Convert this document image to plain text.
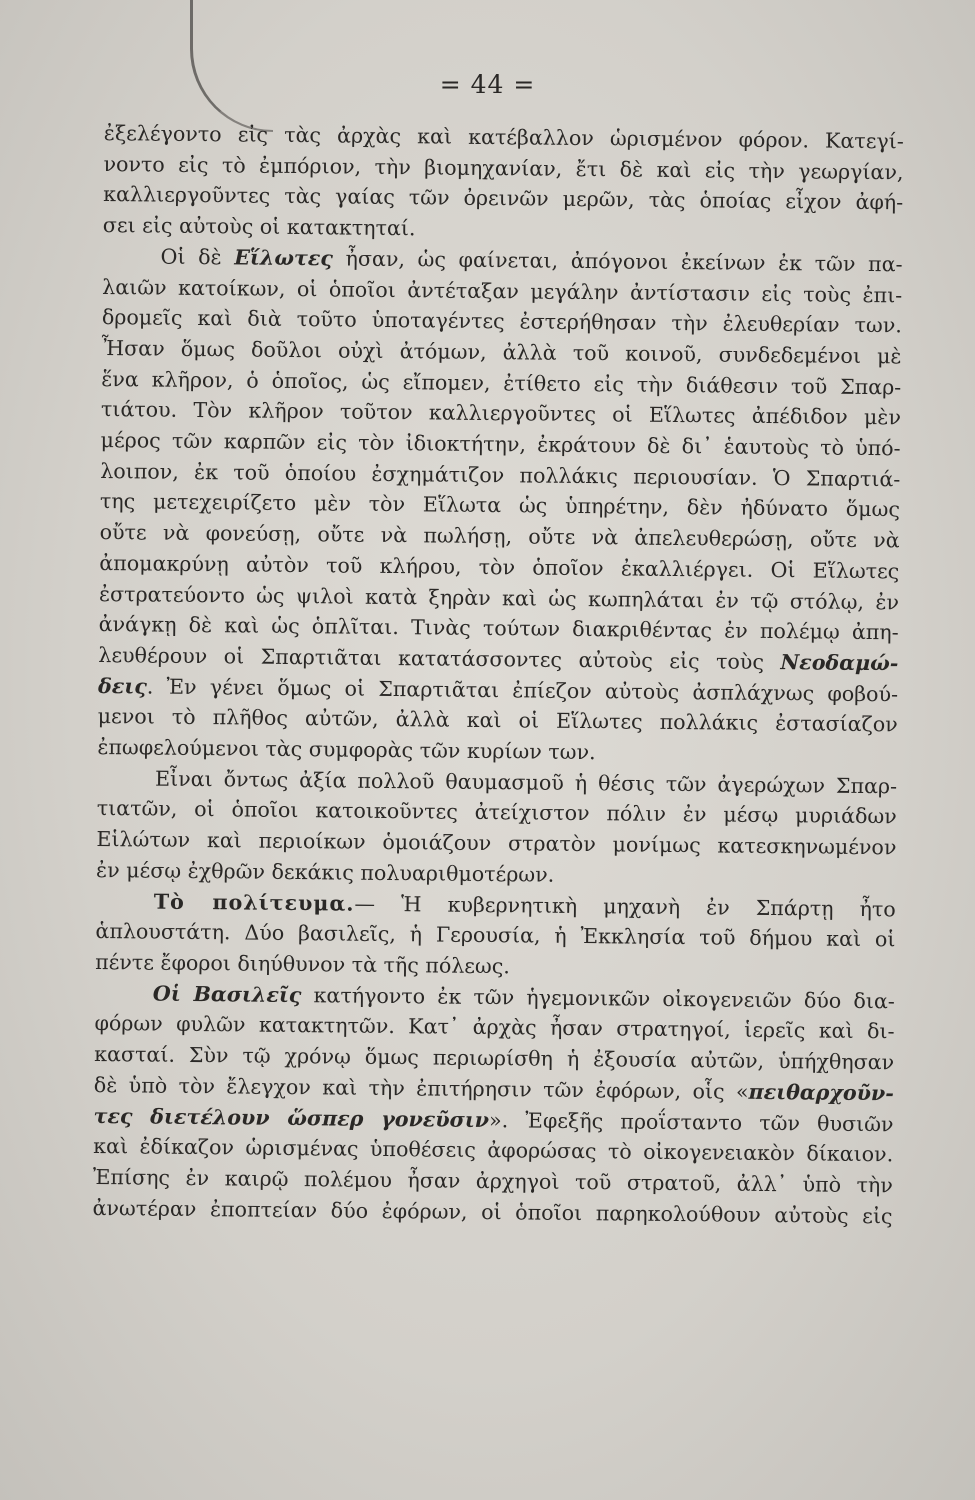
= 44 =
ἐξελέγοντο εἰς τὰς ἀρχὰς καὶ κατέβαλλον ὡρισμένον φόρον. Κατεγί-
νοντο εἰς τὸ ἐμπόριον, τὴν βιομηχανίαν, ἔτι δὲ καὶ εἰς τὴν γεωργίαν,
καλλιεργοῦντες τὰς γαίας τῶν ὀρεινῶν μερῶν, τὰς ὁποίας εἶχον ἀφή-
σει εἰς αὐτοὺς οἱ κατακτηταί.
Οἱ δὲ Εἵλωτες ἦσαν, ὡς φαίνεται, ἀπόγονοι ἐκείνων ἐκ τῶν πα-
λαιῶν κατοίκων, οἱ ὁποῖοι ἀντέταξαν μεγάλην ἀντίστασιν εἰς τοὺς ἐπι-
δρομεῖς καὶ διὰ τοῦτο ὑποταγέντες ἐστερήθησαν τὴν ἐλευθερίαν των.
Ἦσαν ὅμως δοῦλοι οὐχὶ ἀτόμων, ἀλλὰ τοῦ κοινοῦ, συνδεδεμένοι μὲ
ἕνα κλῆρον, ὁ ὁποῖος, ὡς εἴπομεν, ἐτίθετο εἰς τὴν διάθεσιν τοῦ Σπαρ-
τιάτου. Τὸν κλῆρον τοῦτον καλλιεργοῦντες οἱ Εἵλωτες ἀπέδιδον μὲν
μέρος τῶν καρπῶν εἰς τὸν ἰδιοκτήτην, ἐκράτουν δὲ δι᾽ ἑαυτοὺς τὸ ὑπό-
λοιπον, ἐκ τοῦ ὁποίου ἐσχημάτιζον πολλάκις περιουσίαν. Ὁ Σπαρτιά-
της μετεχειρίζετο μὲν τὸν Εἵλωτα ὡς ὑπηρέτην, δὲν ἠδύνατο ὅμως
οὔτε νὰ φονεύσῃ, οὔτε νὰ πωλήσῃ, οὔτε νὰ ἀπελευθερώσῃ, οὔτε νὰ
ἀπομακρύνῃ αὐτὸν τοῦ κλήρου, τὸν ὁποῖον ἐκαλλιέργει. Οἱ Εἵλωτες
ἐστρατεύοντο ὡς ψιλοὶ κατὰ ξηρὰν καὶ ὡς κωπηλάται ἐν τῷ στόλῳ, ἐν
ἀνάγκῃ δὲ καὶ ὡς ὁπλῖται. Τινὰς τούτων διακριθέντας ἐν πολέμῳ ἀπη-
λευθέρουν οἱ Σπαρτιᾶται κατατάσσοντες αὐτοὺς εἰς τοὺς Νεοδαμώ-
δεις. Ἐν γένει ὅμως οἱ Σπαρτιᾶται ἐπίεζον αὐτοὺς ἀσπλάχνως φοβού-
μενοι τὸ πλῆθος αὐτῶν, ἀλλὰ καὶ οἱ Εἵλωτες πολλάκις ἐστασίαζον
ἐπωφελούμενοι τὰς συμφορὰς τῶν κυρίων των.
Εἶναι ὄντως ἀξία πολλοῦ θαυμασμοῦ ἡ θέσις τῶν ἀγερώχων Σπαρ-
τιατῶν, οἱ ὁποῖοι κατοικοῦντες ἀτείχιστον πόλιν ἐν μέσῳ μυριάδων
Εἱλώτων καὶ περιοίκων ὁμοιάζουν στρατὸν μονίμως κατεσκηνωμένον
ἐν μέσῳ ἐχθρῶν δεκάκις πολυαριθμοτέρων.
Τὸ πολίτευμα.— Ἡ κυβερνητικὴ μηχανὴ ἐν Σπάρτῃ ἦτο
ἁπλουστάτη. Δύο βασιλεῖς, ἡ Γερουσία, ἡ Ἐκκλησία τοῦ δήμου καὶ οἱ
πέντε ἔφοροι διηύθυνον τὰ τῆς πόλεως.
Οἱ Βασιλεῖς κατήγοντο ἐκ τῶν ἡγεμονικῶν οἰκογενειῶν δύο δια-
φόρων φυλῶν κατακτητῶν. Κατ᾽ ἀρχὰς ἦσαν στρατηγοί, ἱερεῖς καὶ δι-
κασταί. Σὺν τῷ χρόνῳ ὅμως περιωρίσθη ἡ ἐξουσία αὐτῶν, ὑπήχθησαν
δὲ ὑπὸ τὸν ἔλεγχον καὶ τὴν ἐπιτήρησιν τῶν ἐφόρων, οἷς «πειθαρχοῦν-
τες διετέλουν ὥσπερ γονεῦσιν». Ἐφεξῆς προΐσταντο τῶν θυσιῶν
καὶ ἐδίκαζον ὡρισμένας ὑποθέσεις ἀφορώσας τὸ οἰκογενειακὸν δίκαιον.
Ἐπίσης ἐν καιρῷ πολέμου ἦσαν ἀρχηγοὶ τοῦ στρατοῦ, ἀλλ᾽ ὑπὸ τὴν
ἀνωτέραν ἐποπτείαν δύο ἐφόρων, οἱ ὁποῖοι παρηκολούθουν αὐτοὺς εἰς
